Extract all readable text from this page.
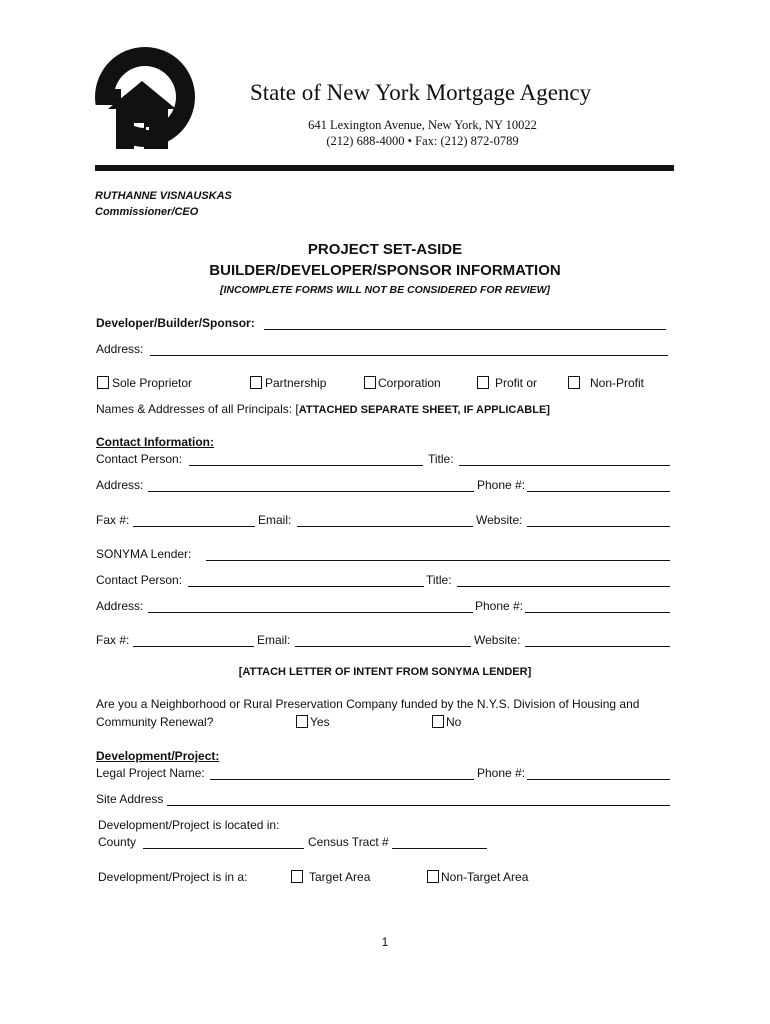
State of New York Mortgage Agency
641 Lexington Avenue, New York, NY 10022
(212) 688-4000 • Fax: (212) 872-0789
RUTHANNE VISNAUSKAS
Commissioner/CEO
PROJECT SET-ASIDE
BUILDER/DEVELOPER/SPONSOR INFORMATION
[INCOMPLETE FORMS WILL NOT BE CONSIDERED FOR REVIEW]
Developer/Builder/Sponsor:
Address:
Sole Proprietor	Partnership	Corporation	Profit or	Non-Profit
Names & Addresses of all Principals: [ATTACHED SEPARATE SHEET, IF APPLICABLE]
Contact Information:
Contact Person:	Title:
Address:	Phone #:
Fax #:	Email:	Website:
SONYMA Lender:
Contact Person:	Title:
Address:	Phone #:
Fax #:	Email:	Website:
[ATTACH LETTER OF INTENT FROM SONYMA LENDER]
Are you a Neighborhood or Rural Preservation Company funded by the N.Y.S. Division of Housing and
Community Renewal?	Yes	No
Development/Project:
Legal Project Name:	Phone #:
Site Address
Development/Project is located in:
County	Census Tract #
Development/Project is in a:	Target Area	Non-Target Area
1
